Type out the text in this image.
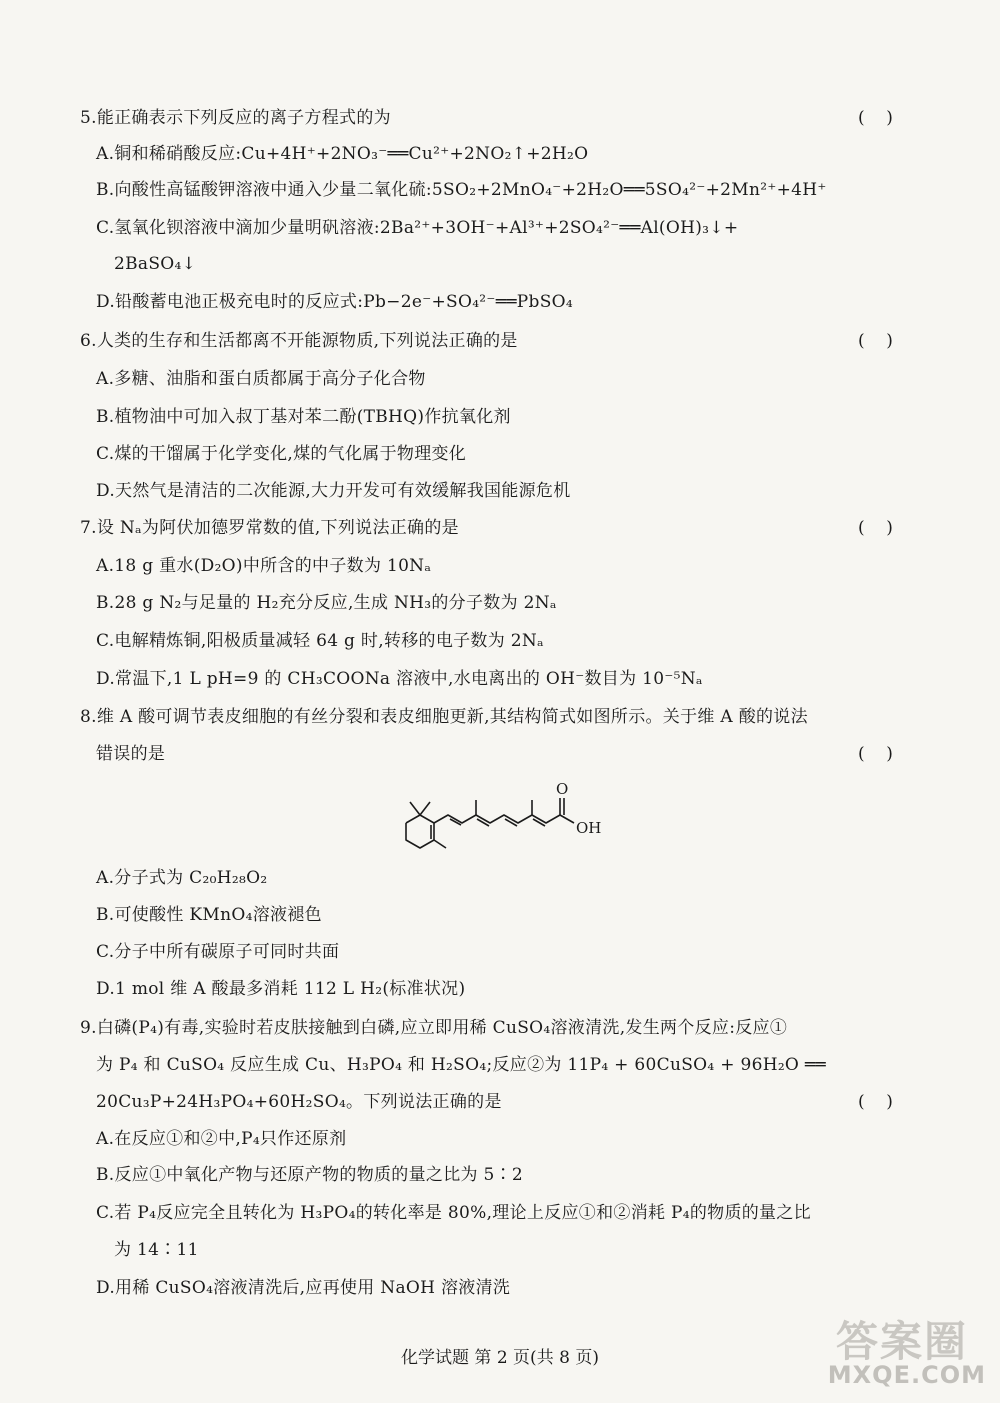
5.能正确表示下列反应的离子方程式的为	(    )
A.铜和稀硝酸反应:Cu+4H⁺+2NO₃⁻══Cu²⁺+2NO₂↑+2H₂O
B.向酸性高锰酸钾溶液中通入少量二氧化硫:5SO₂+2MnO₄⁻+2H₂O══5SO₄²⁻+2Mn²⁺+4H⁺
C.氢氧化钡溶液中滴加少量明矾溶液:2Ba²⁺+3OH⁻+Al³⁺+2SO₄²⁻══Al(OH)₃↓+
2BaSO₄↓
D.铅酸蓄电池正极充电时的反应式:Pb−2e⁻+SO₄²⁻══PbSO₄
6.人类的生存和生活都离不开能源物质,下列说法正确的是	(    )
A.多糖、油脂和蛋白质都属于高分子化合物
B.植物油中可加入叔丁基对苯二酚(TBHQ)作抗氧化剂
C.煤的干馏属于化学变化,煤的气化属于物理变化
D.天然气是清洁的二次能源,大力开发可有效缓解我国能源危机
7.设 Nₐ为阿伏加德罗常数的值,下列说法正确的是	(    )
A.18 g 重水(D₂O)中所含的中子数为 10Nₐ
B.28 g N₂与足量的 H₂充分反应,生成 NH₃的分子数为 2Nₐ
C.电解精炼铜,阳极质量减轻 64 g 时,转移的电子数为 2Nₐ
D.常温下,1 L pH=9 的 CH₃COONa 溶液中,水电离出的 OH⁻数目为 10⁻⁵Nₐ
8.维 A 酸可调节表皮细胞的有丝分裂和表皮细胞更新,其结构简式如图所示。关于维 A 酸的说法
错误的是	(    )
O
OH
A.分子式为 C₂₀H₂₈O₂
B.可使酸性 KMnO₄溶液褪色
C.分子中所有碳原子可同时共面
D.1 mol 维 A 酸最多消耗 112 L H₂(标准状况)
9.白磷(P₄)有毒,实验时若皮肤接触到白磷,应立即用稀 CuSO₄溶液清洗,发生两个反应:反应①
为 P₄ 和 CuSO₄ 反应生成 Cu、H₃PO₄ 和 H₂SO₄;反应②为 11P₄ + 60CuSO₄ + 96H₂O ══
20Cu₃P+24H₃PO₄+60H₂SO₄。下列说法正确的是	(    )
A.在反应①和②中,P₄只作还原剂
B.反应①中氧化产物与还原产物的物质的量之比为 5∶2
C.若 P₄反应完全且转化为 H₃PO₄的转化率是 80%,理论上反应①和②消耗 P₄的物质的量之比
为 14∶11
D.用稀 CuSO₄溶液清洗后,应再使用 NaOH 溶液清洗
化学试题 第 2 页(共 8 页)	答案圈
MXQE.COM
